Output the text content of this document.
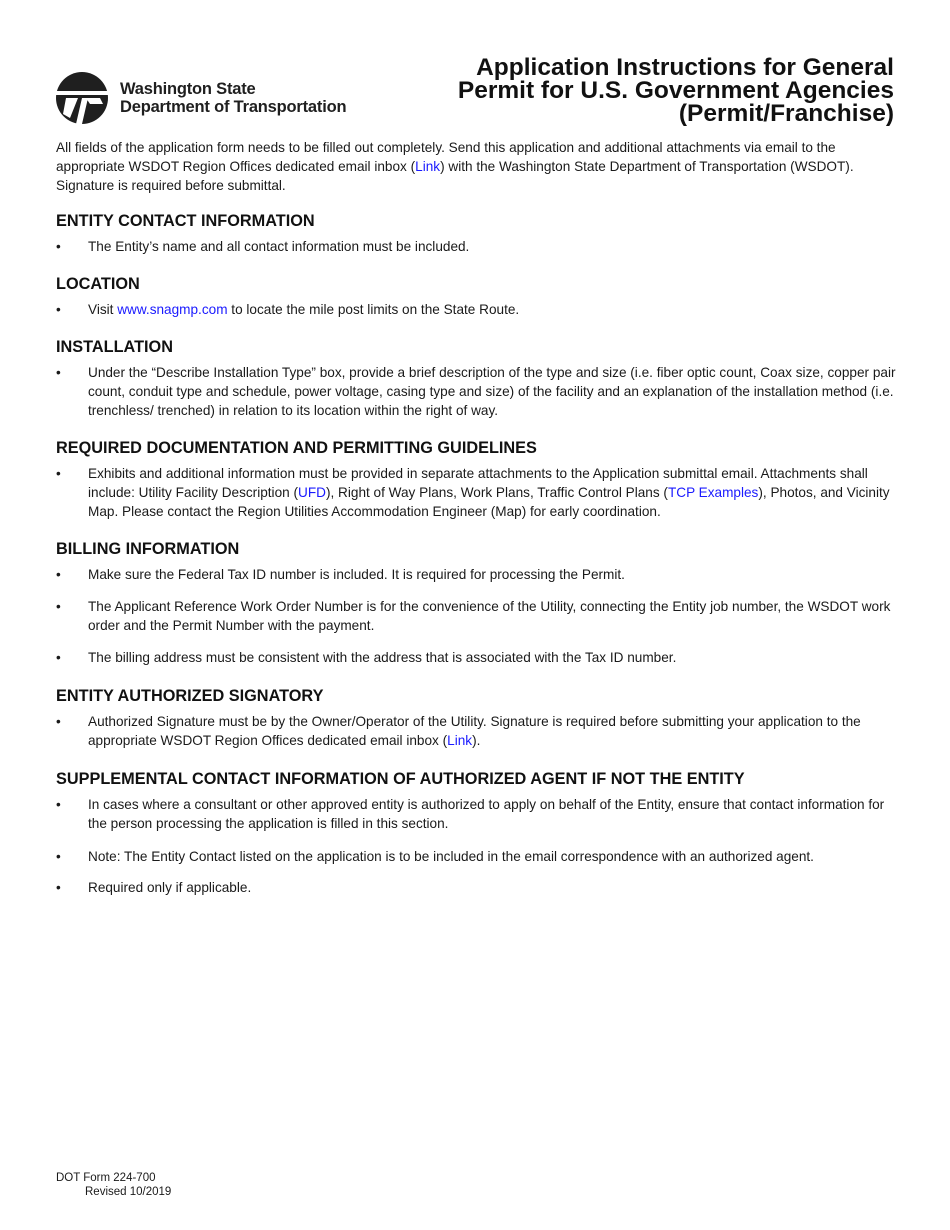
Washington State
Department of Transportation
Application Instructions for General
Permit for U.S. Government Agencies
(Permit/Franchise)

All fields of the application form needs to be filled out completely. Send this application and additional attachments via email to the appropriate WSDOT Region Offices dedicated email inbox (Link) with the Washington State Department of Transportation (WSDOT). Signature is required before submittal.

ENTITY CONTACT INFORMATION
• The Entity’s name and all contact information must be included.
LOCATION
• Visit www.snagmp.com to locate the mile post limits on the State Route.
INSTALLATION
• Under the “Describe Installation Type” box, provide a brief description of the type and size (i.e. fiber optic count, Coax size, copper pair count, conduit type and schedule, power voltage, casing type and size) of the facility and an explanation of the installation method (i.e. trenchless/ trenched) in relation to its location within the right of way.
REQUIRED DOCUMENTATION AND PERMITTING GUIDELINES
• Exhibits and additional information must be provided in separate attachments to the Application submittal email. Attachments shall include: Utility Facility Description (UFD), Right of Way Plans, Work Plans, Traffic Control Plans (TCP Examples), Photos, and Vicinity Map. Please contact the Region Utilities Accommodation Engineer (Map) for early coordination.
BILLING INFORMATION
• Make sure the Federal Tax ID number is included. It is required for processing the Permit.
• The Applicant Reference Work Order Number is for the convenience of the Utility, connecting the Entity job number, the WSDOT work order and the Permit Number with the payment.
• The billing address must be consistent with the address that is associated with the Tax ID number.
ENTITY AUTHORIZED SIGNATORY
• Authorized Signature must be by the Owner/Operator of the Utility. Signature is required before submitting your application to the appropriate WSDOT Region Offices dedicated email inbox (Link).
SUPPLEMENTAL CONTACT INFORMATION OF AUTHORIZED AGENT IF NOT THE ENTITY
• In cases where a consultant or other approved entity is authorized to apply on behalf of the Entity, ensure that contact information for the person processing the application is filled in this section.
• Note: The Entity Contact listed on the application is to be included in the email correspondence with an authorized agent.
• Required only if applicable.
DOT Form 224-700
Revised 10/2019
